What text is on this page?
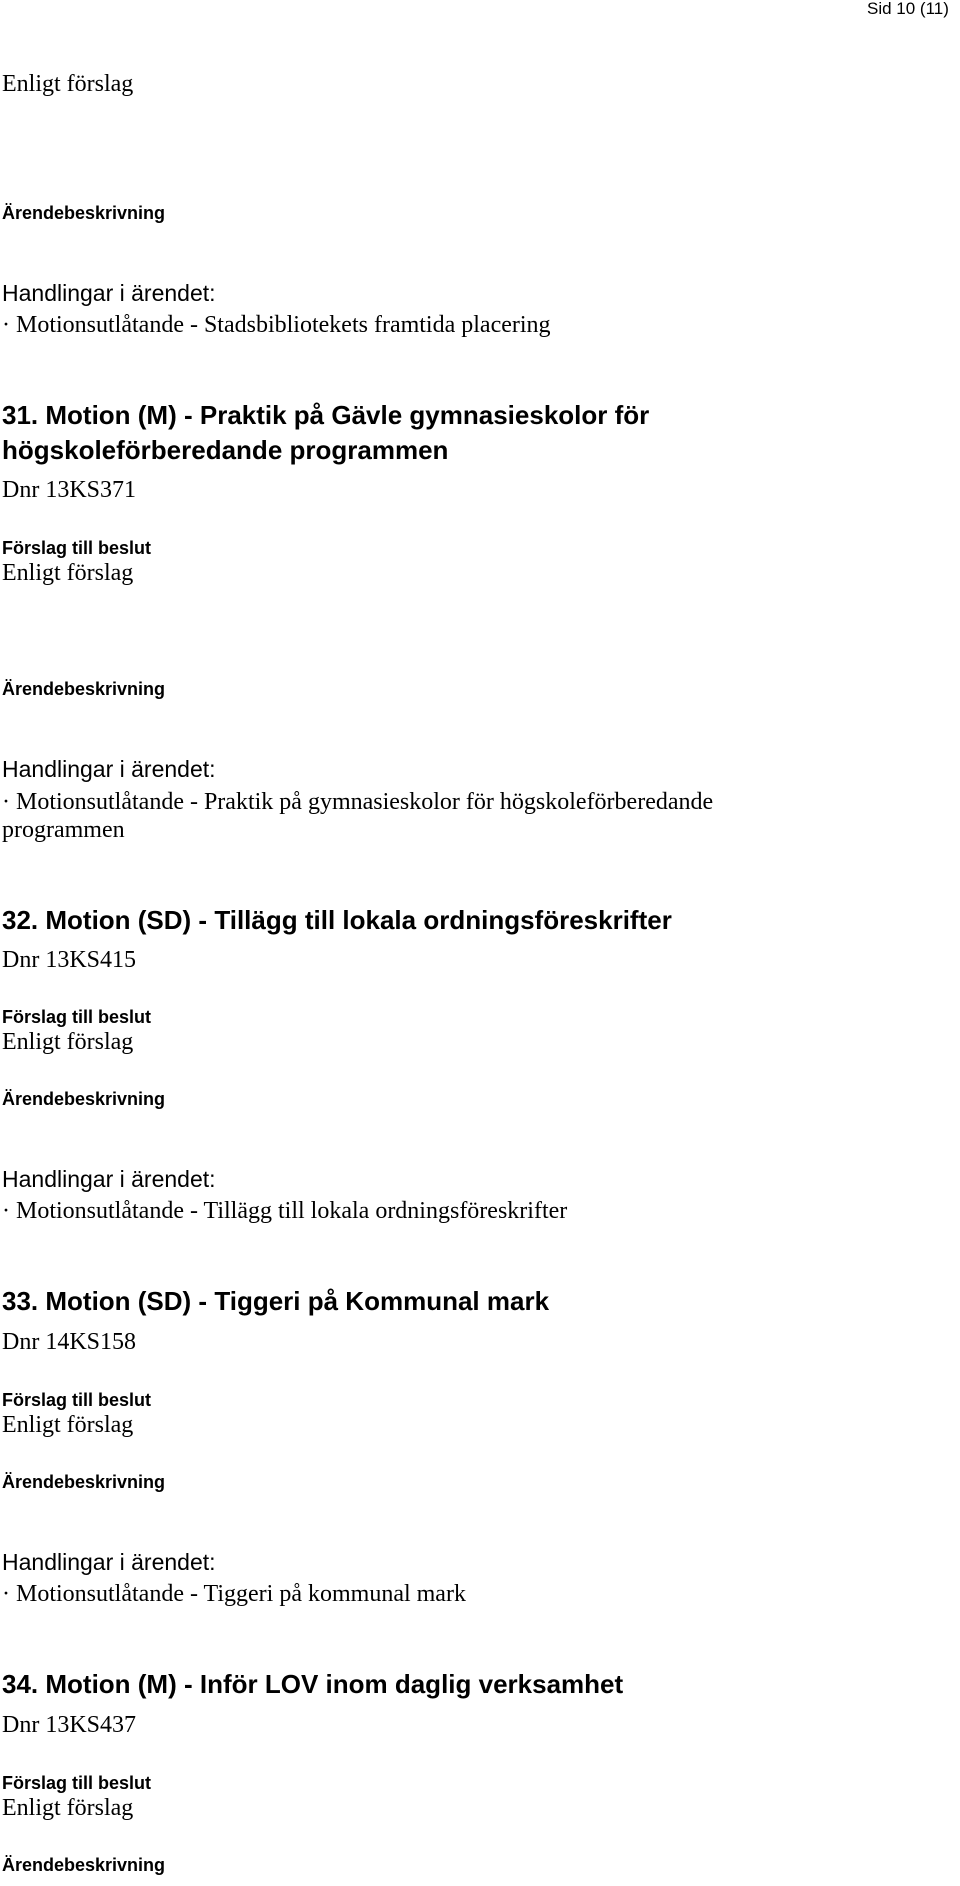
Sid 10 (11)
Enligt förslag
Ärendebeskrivning
Handlingar i ärendet:
· Motionsutlåtande - Stadsbibliotekets framtida placering
31. Motion (M) - Praktik på Gävle gymnasieskolor för
högskoleförberedande programmen
Dnr 13KS371
Förslag till beslut
Enligt förslag
Ärendebeskrivning
Handlingar i ärendet:
· Motionsutlåtande - Praktik på gymnasieskolor för högskoleförberedande
programmen
32. Motion (SD) - Tillägg till lokala ordningsföreskrifter
Dnr 13KS415
Förslag till beslut
Enligt förslag
Ärendebeskrivning
Handlingar i ärendet:
· Motionsutlåtande - Tillägg till lokala ordningsföreskrifter
33. Motion (SD) - Tiggeri på Kommunal mark
Dnr 14KS158
Förslag till beslut
Enligt förslag
Ärendebeskrivning
Handlingar i ärendet:
· Motionsutlåtande - Tiggeri på kommunal mark
34. Motion (M) - Inför LOV inom daglig verksamhet
Dnr 13KS437
Förslag till beslut
Enligt förslag
Ärendebeskrivning
